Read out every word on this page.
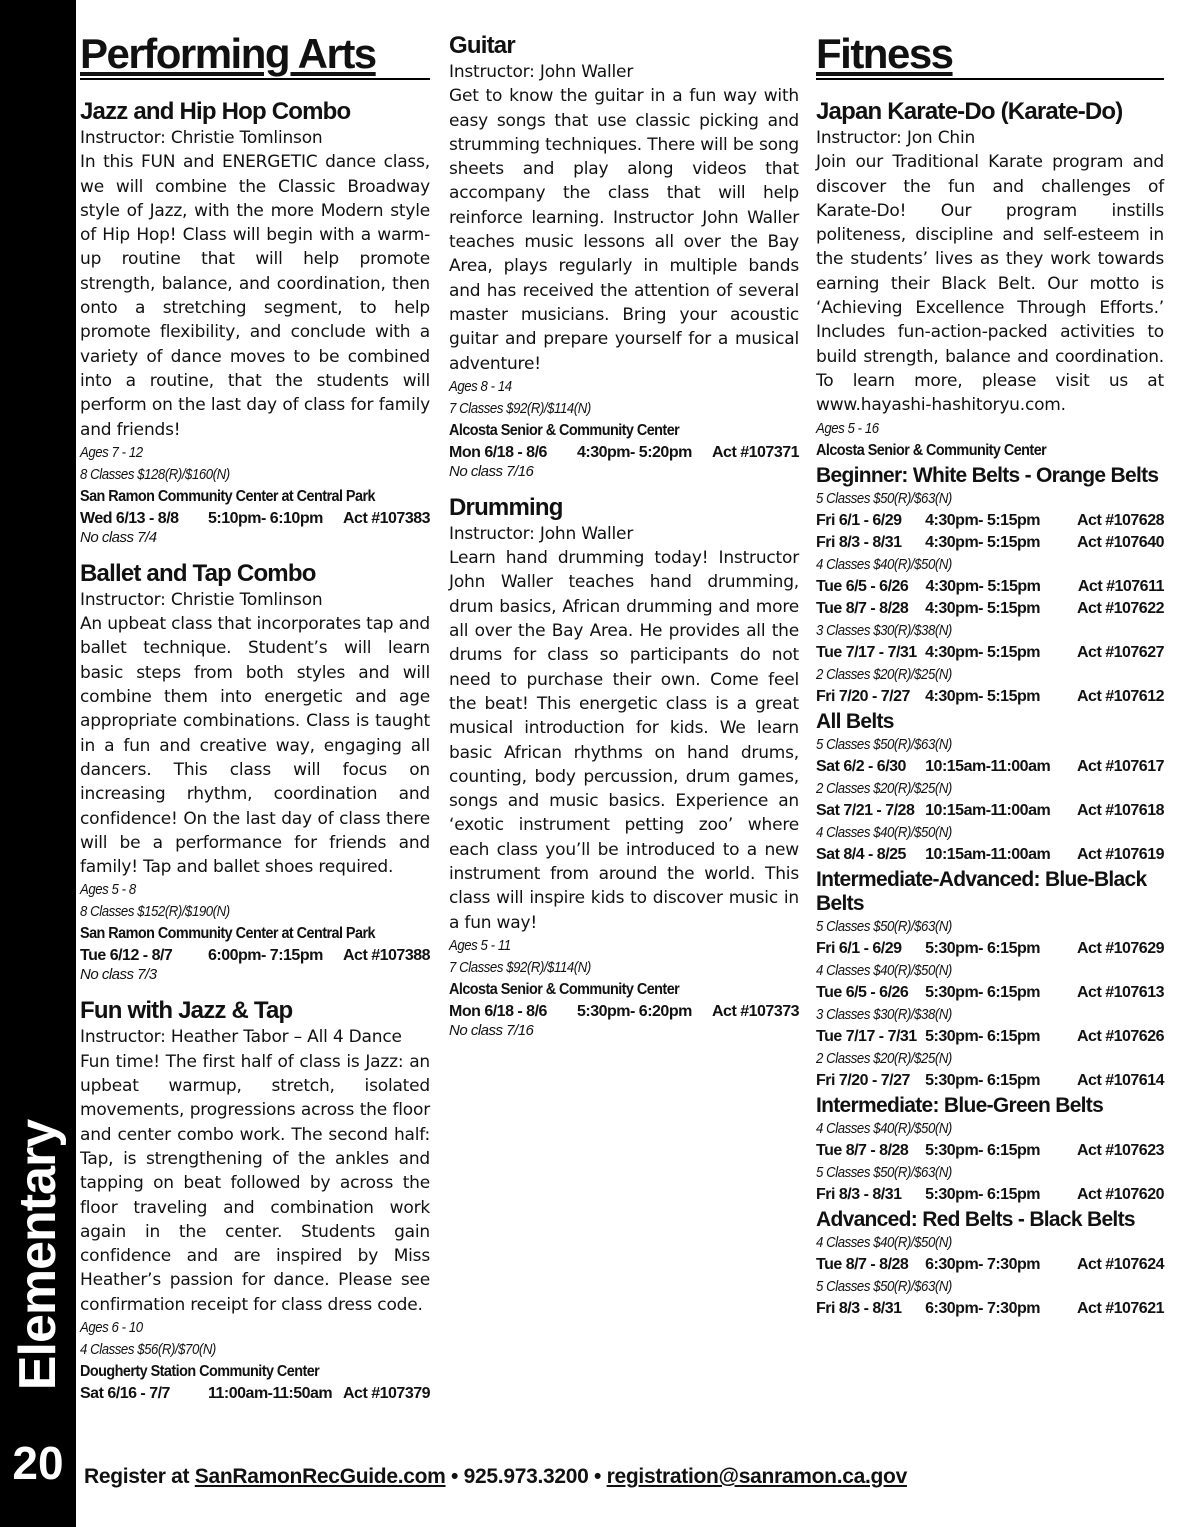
Elementary
20
Performing Arts
Jazz and Hip Hop Combo

Instructor: Christie Tomlinson

In this FUN and ENERGETIC dance class, we will combine the Classic Broadway style of Jazz, with the more Modern style of Hip Hop! Class will begin with a warm-up routine that will help promote strength, balance, and coordination, then onto a stretching segment, to help promote flexibility, and conclude with a variety of dance moves to be combined into a routine, that the students will perform on the last day of class for family and friends!

Ages 7 - 12

8 Classes $128(R)/$160(N)

San Ramon Community Center at Central Park

Wed 6/13 - 8/8	5:10pm- 6:10pm	Act #107383

No class 7/4

Ballet and Tap Combo

Instructor: Christie Tomlinson

An upbeat class that incorporates tap and ballet technique. Student’s will learn basic steps from both styles and will combine them into energetic and age appropriate combinations. Class is taught in a fun and creative way, engaging all dancers. This class will focus on increasing rhythm, coordination and confidence! On the last day of class there will be a performance for friends and family! Tap and ballet shoes required.

Ages 5 - 8

8 Classes $152(R)/$190(N)

San Ramon Community Center at Central Park

Tue 6/12 - 8/7	6:00pm- 7:15pm	Act #107388

No class 7/3

Fun with Jazz & Tap

Instructor: Heather Tabor – All 4 Dance

Fun time! The first half of class is Jazz: an upbeat warmup, stretch, isolated movements, progressions across the floor and center combo work. The second half: Tap, is strengthening of the ankles and tapping on beat followed by across the floor traveling and combination work again in the center. Students gain confidence and are inspired by Miss Heather’s passion for dance. Please see confirmation receipt for class dress code.

Ages 6 - 10

4 Classes $56(R)/$70(N)

Dougherty Station Community Center

Sat 6/16 - 7/7	11:00am-11:50am Act #107379
Guitar

Instructor: John Waller

Get to know the guitar in a fun way with easy songs that use classic picking and strumming techniques. There will be song sheets and play along videos that accompany the class that will help reinforce learning. Instructor John Waller teaches music lessons all over the Bay Area, plays regularly in multiple bands and has received the attention of several master musicians. Bring your acoustic guitar and prepare yourself for a musical adventure!

Ages 8 - 14

7 Classes $92(R)/$114(N)

Alcosta Senior & Community Center

Mon 6/18 - 8/6	4:30pm- 5:20pm	Act #107371

No class 7/16

Drumming

Instructor: John Waller

Learn hand drumming today! Instructor John Waller teaches hand drumming, drum basics, African drumming and more all over the Bay Area. He provides all the drums for class so participants do not need to purchase their own. Come feel the beat! This energetic class is a great musical introduction for kids. We learn basic African rhythms on hand drums, counting, body percussion, drum games, songs and music basics. Experience an ‘exotic instrument petting zoo’ where each class you’ll be introduced to a new instrument from around the world. This class will inspire kids to discover music in a fun way!

Ages 5 - 11

7 Classes $92(R)/$114(N)

Alcosta Senior & Community Center

Mon 6/18 - 8/6	5:30pm- 6:20pm	Act #107373

No class 7/16

Fitness
Japan Karate-Do (Karate-Do)

Instructor: Jon Chin

Join our Traditional Karate program and discover the fun and challenges of Karate-Do! Our program instills politeness, discipline and self-esteem in the students’ lives as they work towards earning their Black Belt. Our motto is ‘Achieving Excellence Through Efforts.’ Includes fun-action-packed activities to build strength, balance and coordination. To learn more, please visit us at www.hayashi-hashitoryu.com.

Ages 5 - 16

Alcosta Senior & Community Center

Beginner: White Belts - Orange Belts

5 Classes $50(R)/$63(N)

Fri 6/1 - 6/29	4:30pm- 5:15pm	Act #107628
Fri 8/3 - 8/31	4:30pm- 5:15pm	Act #107640

4 Classes $40(R)/$50(N)

Tue 6/5 - 6/26	4:30pm- 5:15pm	Act #107611
Tue 8/7 - 8/28	4:30pm- 5:15pm	Act #107622

3 Classes $30(R)/$38(N)

Tue 7/17 - 7/31 4:30pm- 5:15pm	Act #107627

2 Classes $20(R)/$25(N)

Fri 7/20 - 7/27 4:30pm- 5:15pm	Act #107612
All Belts

5 Classes $50(R)/$63(N)

Sat 6/2 - 6/30	10:15am-11:00am	Act #107617

2 Classes $20(R)/$25(N)

Sat 7/21 - 7/28 10:15am-11:00am	Act #107618

4 Classes $40(R)/$50(N)

Sat 8/4 - 8/25	10:15am-11:00am	Act #107619
Intermediate-Advanced: Blue-Black Belts

5 Classes $50(R)/$63(N)

Fri 6/1 - 6/29	5:30pm- 6:15pm	Act #107629

4 Classes $40(R)/$50(N)

Tue 6/5 - 6/26	5:30pm- 6:15pm	Act #107613

3 Classes $30(R)/$38(N)

Tue 7/17 - 7/31 5:30pm- 6:15pm	Act #107626

2 Classes $20(R)/$25(N)

Fri 7/20 - 7/27 5:30pm- 6:15pm	Act #107614
Intermediate: Blue-Green Belts

4 Classes $40(R)/$50(N)

Tue 8/7 - 8/28	5:30pm- 6:15pm	Act #107623

5 Classes $50(R)/$63(N)

Fri 8/3 - 8/31	5:30pm- 6:15pm	Act #107620
Advanced: Red Belts - Black Belts

4 Classes $40(R)/$50(N)

Tue 8/7 - 8/28	6:30pm- 7:30pm	Act #107624

5 Classes $50(R)/$63(N)

Fri 8/3 - 8/31	6:30pm- 7:30pm	Act #107621
Register at SanRamonRecGuide.com • 925.973.3200 • registration@sanramon.ca.gov
